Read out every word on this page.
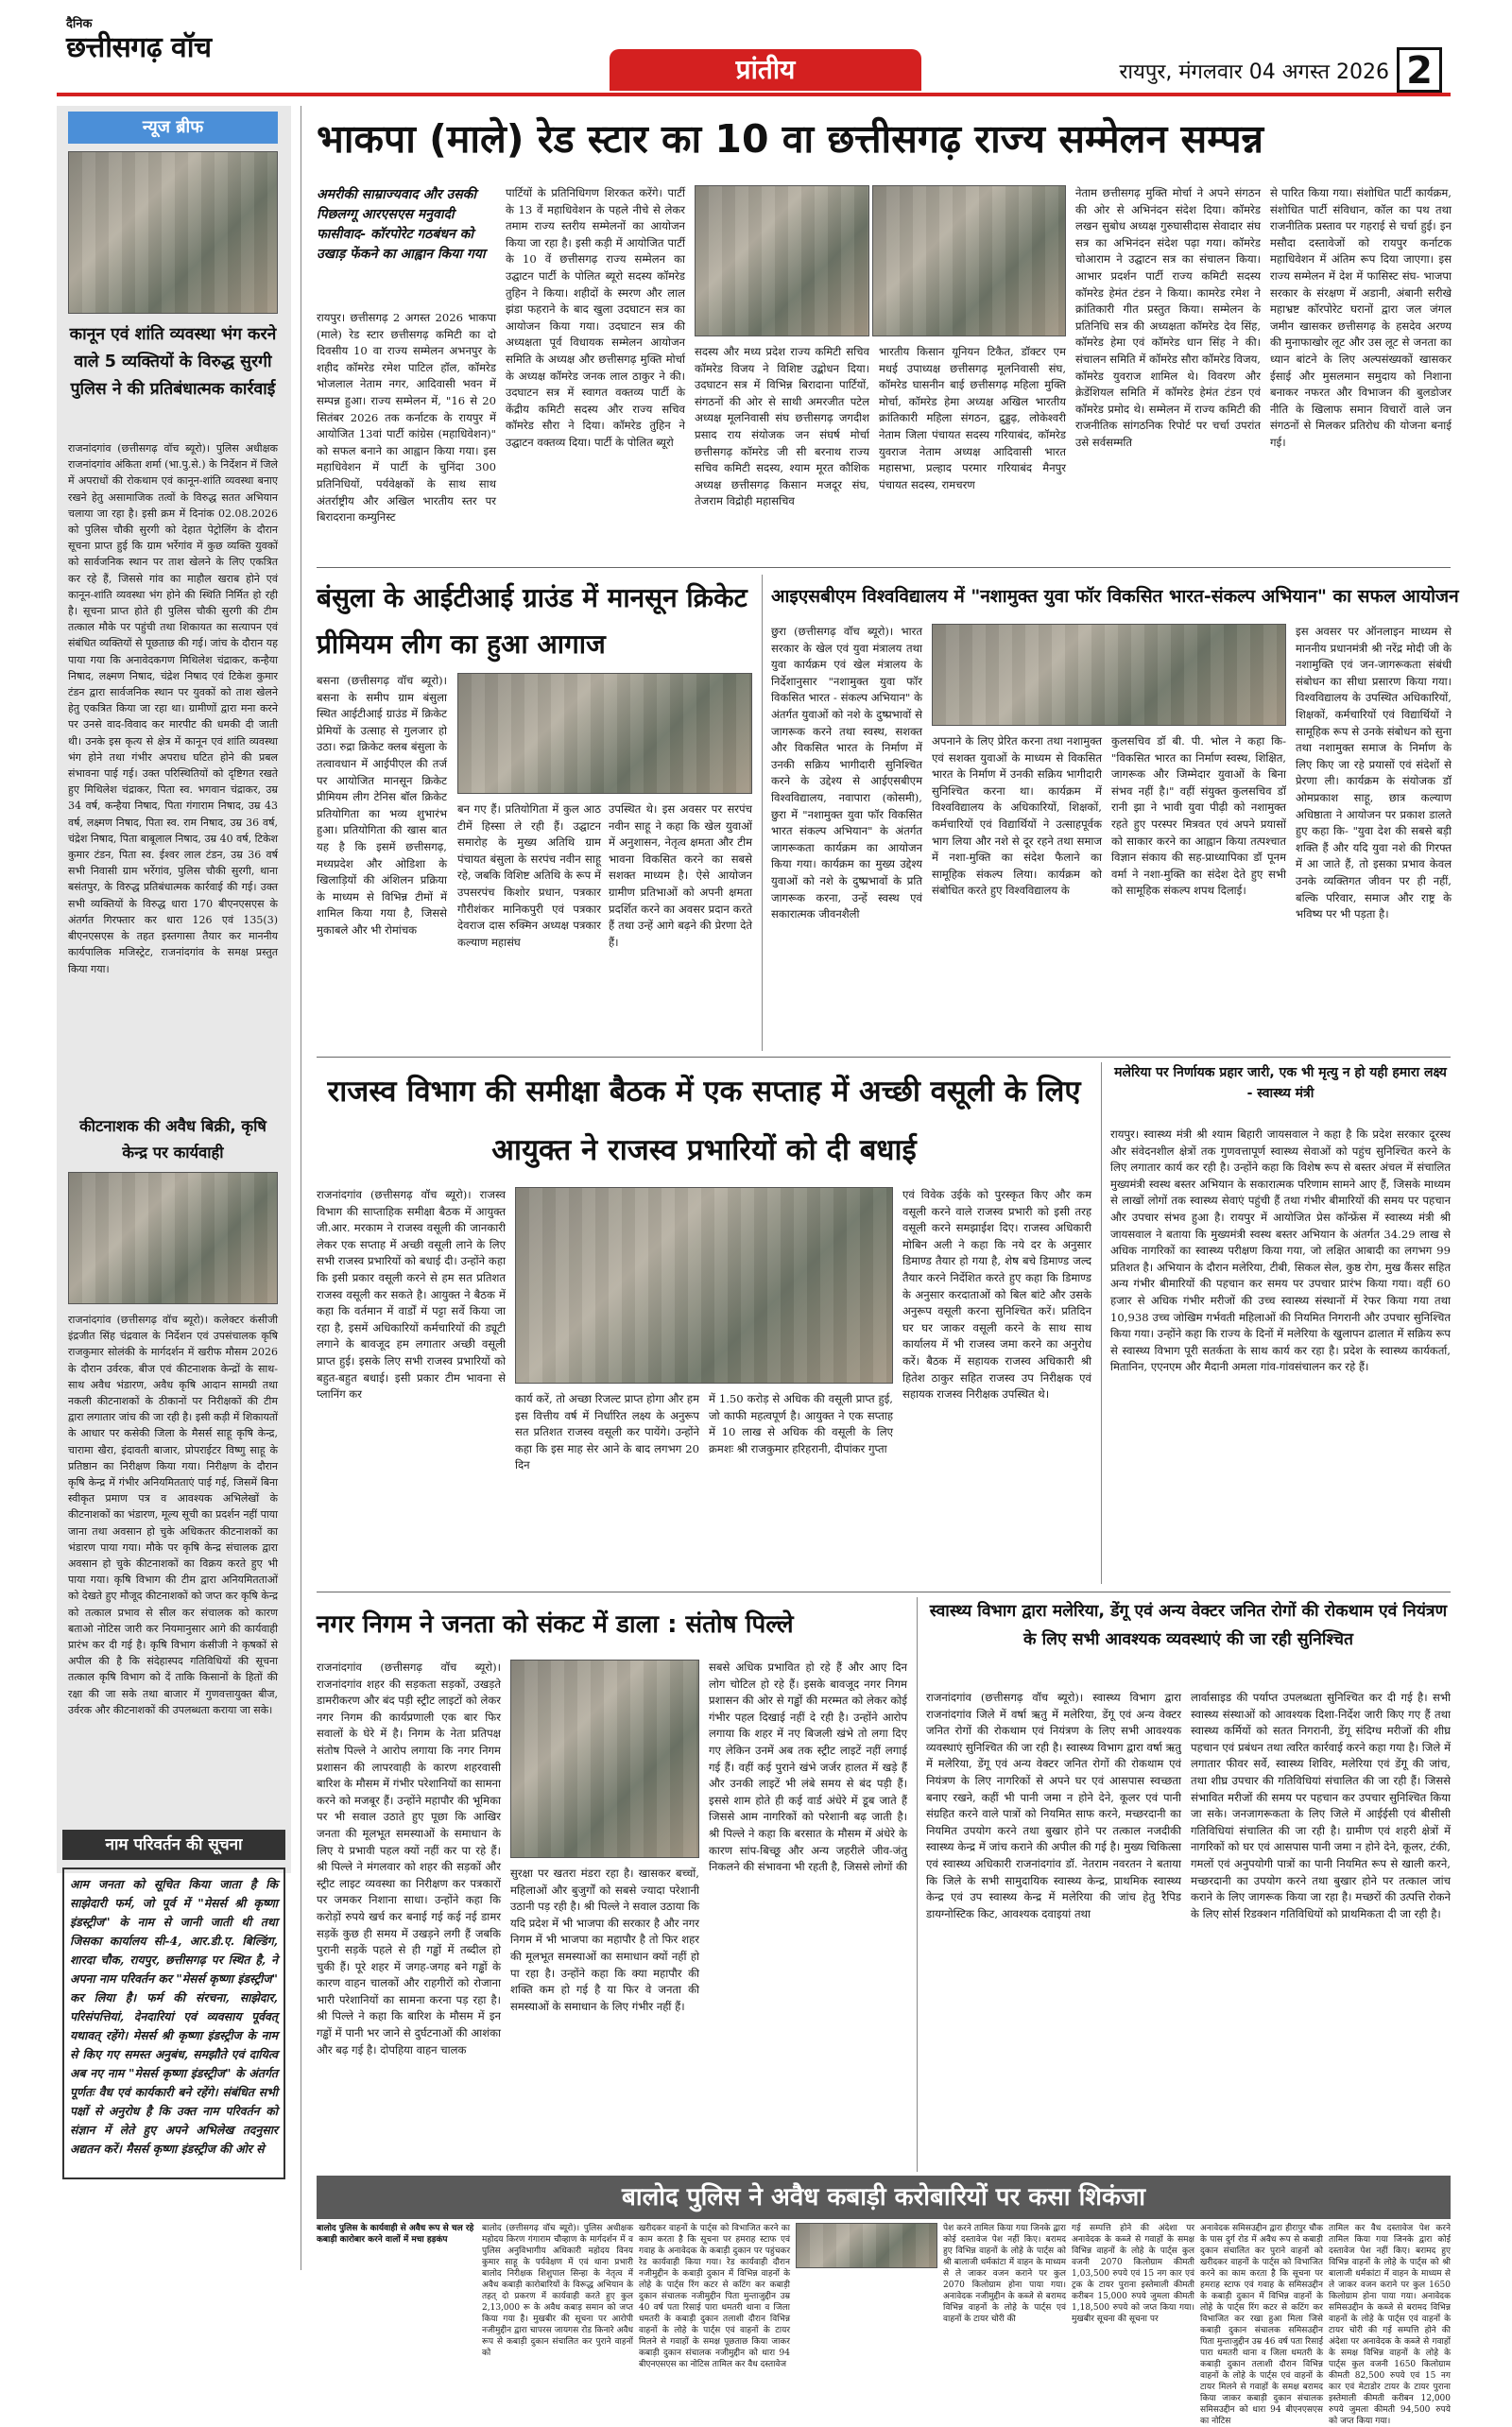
दैनिक
छत्तीसगढ़ वॉच
प्रांतीय	रायपुर, मंगलवार 04 अगस्त 2026 2
न्यूज ब्रीफ
कानून एवं शांति व्यवस्था भंग करने वाले 5 व्यक्तियों के विरुद्ध सुरगी पुलिस ने की प्रतिबंधात्मक कार्रवाई
राजनांदगांव (छत्तीसगढ़ वॉच ब्यूरो)। पुलिस अधीक्षक राजनांदगांव अंकिता शर्मा (भा.पु.से.) के निर्देशन में जिले में अपराधों की रोकथाम एवं कानून-शांति व्यवस्था बनाए रखने हेतु असामाजिक तत्वों के विरुद्ध सतत अभियान चलाया जा रहा है। इसी क्रम में दिनांक 02.08.2026 को पुलिस चौकी सुरगी को देहात पेट्रोलिंग के दौरान सूचना प्राप्त हुई कि ग्राम भर्रेगांव में कुछ व्यक्ति युवकों को सार्वजनिक स्थान पर ताश खेलने के लिए एकत्रित कर रहे हैं, जिससे गांव का माहौल खराब होने एवं कानून-शांति व्यवस्था भंग होने की स्थिति निर्मित हो रही है। सूचना प्राप्त होते ही पुलिस चौकी सुरगी की टीम तत्काल मौके पर पहुंची तथा शिकायत का सत्यापन एवं संबंधित व्यक्तियों से पूछताछ की गई। जांच के दौरान यह पाया गया कि अनावेदकगण मिथिलेश चंद्राकर, कन्हैया निषाद, लक्ष्मण निषाद, चंद्रेश निषाद एवं टिकेश कुमार टंडन द्वारा सार्वजनिक स्थान पर युवकों को ताश खेलने हेतु एकत्रित किया जा रहा था। ग्रामीणों द्वारा मना करने पर उनसे वाद-विवाद कर मारपीट की धमकी दी जाती थी। उनके इस कृत्य से क्षेत्र में कानून एवं शांति व्यवस्था भंग होने तथा गंभीर अपराध घटित होने की प्रबल संभावना पाई गई। उक्त परिस्थितियों को दृष्टिगत रखते हुए मिथिलेश चंद्राकर, पिता स्व. भगवान चंद्राकर, उम्र 34 वर्ष, कन्हैया निषाद, पिता गंगाराम निषाद, उम्र 43 वर्ष, लक्ष्मण निषाद, पिता स्व. राम निषाद, उम्र 36 वर्ष, चंद्रेश निषाद, पिता बाबूलाल निषाद, उम्र 40 वर्ष, टिकेश कुमार टंडन, पिता स्व. ईश्वर लाल टंडन, उम्र 36 वर्ष सभी निवासी ग्राम भर्रेगांव, पुलिस चौकी सुरगी, थाना बसंतपुर, के विरुद्ध प्रतिबंधात्मक कार्रवाई की गई। उक्त सभी व्यक्तियों के विरुद्ध धारा 170 बीएनएसएस के अंतर्गत गिरफ्तार कर धारा 126 एवं 135(3) बीएनएसएस के तहत इस्तगासा तैयार कर माननीय कार्यपालिक मजिस्ट्रेट, राजनांदगांव के समक्ष प्रस्तुत किया गया।
कीटनाशक की अवैध बिक्री, कृषि केन्द्र पर कार्यवाही
राजनांदगांव (छत्तीसगढ़ वॉच ब्यूरो)। कलेक्टर कंसीजी इंद्रजीत सिंह चंद्रवाल के निर्देशन एवं उपसंचालक कृषि राजकुमार सोलंकी के मार्गदर्शन में खरीफ मौसम 2026 के दौरान उर्वरक, बीज एवं कीटनाशक केन्द्रों के साथ-साथ अवैध भंडारण, अवैध कृषि आदान सामग्री तथा नकली कीटनाशकों के ठीकानों पर निरीक्षकों की टीम द्वारा लगातार जांच की जा रही है। इसी कड़ी में शिकायतों के आधार पर कसेकी जिला के मैसर्स साहू कृषि केन्द्र, चारामा खैरा, इंदावती बाजार, प्रोपराईटर विष्णु साहू के प्रतिष्ठान का निरीक्षण किया गया। निरीक्षण के दौरान कृषि केन्द्र में गंभीर अनियमितताएं पाई गई, जिसमें बिना स्वीकृत प्रमाण पत्र व आवश्यक अभिलेखों के कीटनाशकों का भंडारण, मूल्य सूची का प्रदर्शन नहीं पाया जाना तथा अवसान हो चुके अधिकतर कीटनाशकों का भंडारण पाया गया। मौके पर कृषि केन्द्र संचालक द्वारा अवसान हो चुके कीटनाशकों का विक्रय करते हुए भी पाया गया। कृषि विभाग की टीम द्वारा अनियमितताओं को देखते हुए मौजूद कीटनाशकों को जप्त कर कृषि केन्द्र को तत्काल प्रभाव से सील कर संचालक को कारण बताओ नोटिस जारी कर नियमानुसार आगे की कार्यवाही प्रारंभ कर दी गई है। कृषि विभाग कंसीजी ने कृषकों से अपील की है कि संदेहास्पद गतिविधियों की सूचना तत्काल कृषि विभाग को दें ताकि किसानों के हितों की रक्षा की जा सके तथा बाजार में गुणवत्तायुक्त बीज, उर्वरक और कीटनाशकों की उपलब्धता कराया जा सके।
नाम परिवर्तन की सूचना
आम जनता को सूचित किया जाता है कि साझेदारी फर्म, जो पूर्व में "मेसर्स श्री कृष्णा इंडस्ट्रीज" के नाम से जानी जाती थी तथा जिसका कार्यालय सी-4, आर.डी.ए. बिल्डिंग, शारदा चौक, रायपुर, छत्तीसगढ़ पर स्थित है, ने अपना नाम परिवर्तन कर "मेसर्स कृष्णा इंडस्ट्रीज" कर लिया है। फर्म की संरचना, साझेदार, परिसंपत्तियां, देनदारियां एवं व्यवसाय पूर्ववत् यथावत् रहेंगे। मेसर्स श्री कृष्णा इंडस्ट्रीज के नाम से किए गए समस्त अनुबंध, समझौते एवं दायित्व अब नए नाम "मेसर्स कृष्णा इंडस्ट्रीज" के अंतर्गत पूर्णतः वैध एवं कार्यकारी बने रहेंगे। संबंधित सभी पक्षों से अनुरोध है कि उक्त नाम परिवर्तन को संज्ञान में लेते हुए अपने अभिलेख तदनुसार अद्यतन करें। मैसर्स कृष्णा इंडस्ट्रीज की ओर से
भाकपा (माले) रेड स्टार का 10 वा छत्तीसगढ़ राज्य सम्मेलन सम्पन्न
अमरीकी साम्राज्यवाद और उसकी पिछलग्गू आरएसएस मनुवादी फासीवाद- कॉरपोरेट गठबंधन को उखाड़ फेंकने का आह्वान किया गया
रायपुर। छत्तीसगढ़ 2 अगस्त 2026 भाकपा (माले) रेड स्टार छत्तीसगढ़ कमिटी का दो दिवसीय 10 वा राज्य सम्मेलन अभनपुर के शहीद कॉमरेड रमेश पाटिल हॉल, कॉमरेड भोजलाल नेताम नगर, आदिवासी भवन में सम्पन्न हुआ। राज्य सम्मेलन में, "16 से 20 सितंबर 2026 तक कर्नाटक के रायपुर में आयोजित 13वां पार्टी कांग्रेस (महाधिवेशन)" को सफल बनाने का आह्वान किया गया। इस महाधिवेशन में पार्टी के चुनिंदा 300 प्रतिनिधियों, पर्यवेक्षकों के साथ साथ अंतर्राष्ट्रीय और अखिल भारतीय स्तर पर बिरादराना कम्युनिस्ट
पार्टियों के प्रतिनिधिगण शिरकत करेंगे। पार्टी के 13 वें महाधिवेशन के पहले नीचे से लेकर तमाम राज्य स्तरीय सम्मेलनों का आयोजन किया जा रहा है। इसी कड़ी में आयोजित पार्टी के 10 वें छत्तीसगढ़ राज्य सम्मेलन का उद्घाटन पार्टी के पोलित ब्यूरो सदस्य कॉमरेड तुहिन ने किया। शहीदों के स्मरण और लाल झंडा फहराने के बाद खुला उदघाटन सत्र का आयोजन किया गया। उदघाटन सत्र की अध्यक्षता पूर्व विधायक सम्मेलन आयोजन समिति के अध्यक्ष और छत्तीसगढ़ मुक्ति मोर्चा के अध्यक्ष कॉमरेड जनक लाल ठाकुर ने की। उदघाटन सत्र में स्वागत वक्तव्य पार्टी के केंद्रीय कमिटी सदस्य और राज्य सचिव कॉमरेड सौरा ने दिया। कॉमरेड तुहिन ने उद्घाटन वक्तव्य दिया। पार्टी के पोलित ब्यूरो
सदस्य और मध्य प्रदेश राज्य कमिटी सचिव कॉमरेड विजय ने विशिष्ट उद्बोधन दिया। उदघाटन सत्र में विभिन्न बिरादाना पार्टियों, संगठनों की ओर से साथी अमरजीत पटेल अध्यक्ष मूलनिवासी संघ छत्तीसगढ़ जगदीश प्रसाद राय संयोजक जन संघर्ष मोर्चा छत्तीसगढ़ कॉमरेड जी सी बरनाथ राज्य सचिव कमिटी सदस्य, श्याम मूरत कौशिक अध्यक्ष छत्तीसगढ़ किसान मजदूर संघ, तेजराम विद्रोही महासचिव
भारतीय किसान यूनियन टिकैत, डॉक्टर एम मधई उपाध्यक्ष छत्तीसगढ़ मूलनिवासी संघ, कॉमरेड घासनीन बाई छत्तीसगढ़ महिला मुक्ति मोर्चा, कॉमरेड हेमा अध्यक्ष अखिल भारतीय क्रांतिकारी महिला संगठन, द्रुड्डढ़, लोकेश्वरी नेताम जिला पंचायत सदस्य गरियाबंद, कॉमरेड युवराज नेताम अध्यक्ष आदिवासी भारत महासभा, प्रल्हाद परमार गरियाबंद मैनपुर पंचायत सदस्य, रामचरण
नेताम छत्तीसगढ़ मुक्ति मोर्चा ने अपने संगठन की ओर से अभिनंदन संदेश दिया। कॉमरेड लखन सुबोध अध्यक्ष गुरुघासीदास सेवादार संघ सत्र का अभिनंदन संदेश पढ़ा गया। कॉमरेड चोआराम ने उद्घाटन सत्र का संचालन किया। आभार प्रदर्शन पार्टी राज्य कमिटी सदस्य कॉमरेड हेमंत टंडन ने किया। कामरेड रमेश ने क्रांतिकारी गीत प्रस्तुत किया। सम्मेलन के प्रतिनिधि सत्र की अध्यक्षता कॉमरेड देव सिंह, कॉमरेड हेमा एवं कॉमरेड धान सिंह ने की। संचालन समिति में कॉमरेड सौरा कॉमरेड विजय, कॉमरेड युवराज शामिल थे। विवरण और क्रेडेंशियल समिति में कॉमरेड हेमंत टंडन एवं कॉमरेड प्रमोद थे। सम्मेलन में राज्य कमिटी की राजनीतिक सांगठनिक रिपोर्ट पर चर्चा उपरांत उसे सर्वसम्मति
से पारित किया गया। संशोधित पार्टी कार्यक्रम, संशोधित पार्टी संविधान, कॉल का पथ तथा राजनीतिक प्रस्ताव पर गहराई से चर्चा हुई। इन मसौदा दस्तावेजों को रायपुर कर्नाटक महाधिवेशन में अंतिम रूप दिया जाएगा। इस राज्य सम्मेलन में देश में फासिस्ट संघ- भाजपा सरकार के संरक्षण में अडानी, अंबानी सरीखे महाभ्रष्ट कॉरपोरेट घरानों द्वारा जल जंगल जमीन खासकर छत्तीसगढ़ के हसदेव अरण्य की मुनाफाखोर लूट और उस लूट से जनता का ध्यान बांटने के लिए अल्पसंख्यकों खासकर ईसाई और मुसलमान समुदाय को निशाना बनाकर नफरत और विभाजन की बुलडोजर नीति के खिलाफ समान विचारों वाले जन संगठनों से मिलकर प्रतिरोध की योजना बनाई गई।
बंसुला के आईटीआई ग्राउंड में मानसून क्रिकेट प्रीमियम लीग का हुआ आगाज
बसना (छत्तीसगढ़ वॉच ब्यूरो)। बसना के समीप ग्राम बंसुला स्थित आईटीआई ग्राउंड में क्रिकेट प्रेमियों के उत्साह से गुलजार हो उठा। रुद्रा क्रिकेट क्लब बंसुला के तत्वावधान में आईपीएल की तर्ज पर आयोजित मानसून क्रिकेट प्रीमियम लीग टेनिस बॉल क्रिकेट प्रतियोगिता का भव्य शुभारंभ हुआ। प्रतियोगिता की खास बात यह है कि इसमें छत्तीसगढ़, मध्यप्रदेश और ओडिशा के खिलाड़ियों की अंशिलन प्रक्रिया के माध्यम से विभिन्न टीमों में शामिल किया गया है, जिससे मुकाबले और भी रोमांचक
बन गए हैं। प्रतियोगिता में कुल आठ टीमें हिस्सा ले रही हैं। उद्घाटन समारोह के मुख्य अतिथि ग्राम पंचायत बंसुला के सरपंच नवीन साहू रहे, जबकि विशिष्ट अतिथि के रूप में उपसरपंच किशोर प्रधान, पत्रकार गौरीशंकर मानिकपुरी एवं पत्रकार देवराज दास रुक्मिन अध्यक्ष पत्रकार कल्याण महासंघ
उपस्थित थे। इस अवसर पर सरपंच नवीन साहू ने कहा कि खेल युवाओं में अनुशासन, नेतृत्व क्षमता और टीम भावना विकसित करने का सबसे सशक्त माध्यम है। ऐसे आयोजन ग्रामीण प्रतिभाओं को अपनी क्षमता प्रदर्शित करने का अवसर प्रदान करते हैं तथा उन्हें आगे बढ़ने की प्रेरणा देते हैं।
आइएसबीएम विश्वविद्यालय में "नशामुक्त युवा फॉर विकसित भारत-संकल्प अभियान" का सफल आयोजन
छुरा (छत्तीसगढ़ वॉच ब्यूरो)। भारत सरकार के खेल एवं युवा मंत्रालय तथा युवा कार्यक्रम एवं खेल मंत्रालय के निर्देशानुसार "नशामुक्त युवा फॉर विकसित भारत - संकल्प अभियान" के अंतर्गत युवाओं को नशे के दुष्प्रभावों से जागरूक करने तथा स्वस्थ, सशक्त और विकसित भारत के निर्माण में उनकी सक्रिय भागीदारी सुनिश्चित करने के उद्देश्य से आईएसबीएम विश्वविद्यालय, नवापारा (कोसमी), छुरा में "नशामुक्त युवा फॉर विकसित भारत संकल्प अभियान" के अंतर्गत जागरूकता कार्यक्रम का आयोजन किया गया। कार्यक्रम का मुख्य उद्देश्य युवाओं को नशे के दुष्प्रभावों के प्रति जागरूक करना, उन्हें स्वस्थ एवं सकारात्मक जीवनशैली
अपनाने के लिए प्रेरित करना तथा नशामुक्त एवं सशक्त युवाओं के माध्यम से विकसित भारत के निर्माण में उनकी सक्रिय भागीदारी सुनिश्चित करना था। कार्यक्रम में विश्वविद्यालय के अधिकारियों, शिक्षकों, कर्मचारियों एवं विद्यार्थियों ने उत्साहपूर्वक भाग लिया और नशे से दूर रहने तथा समाज में नशा-मुक्ति का संदेश फैलाने का सामूहिक संकल्प लिया। कार्यक्रम को संबोधित करते हुए विश्वविद्यालय के
कुलसचिव डॉ बी. पी. भोल ने कहा कि- "विकसित भारत का निर्माण स्वस्थ, शिक्षित, जागरूक और जिम्मेदार युवाओं के बिना संभव नहीं है।" वहीं संयुक्त कुलसचिव डॉ रानी झा ने भावी युवा पीढ़ी को नशामुक्त रहते हुए परस्पर मित्रवत एवं अपने प्रयासों को साकार करने का आह्वान किया तत्पश्चात विज्ञान संकाय की सह-प्राध्यापिका डॉ पूनम वर्मा ने नशा-मुक्ति का संदेश देते हुए सभी को सामूहिक संकल्प शपथ दिलाई।
इस अवसर पर ऑनलाइन माध्यम से माननीय प्रधानमंत्री श्री नरेंद्र मोदी जी के नशामुक्ति एवं जन-जागरूकता संबंधी संबोधन का सीधा प्रसारण किया गया। विश्वविद्यालय के उपस्थित अधिकारियों, शिक्षकों, कर्मचारियों एवं विद्यार्थियों ने सामूहिक रूप से उनके संबोधन को सुना तथा नशामुक्त समाज के निर्माण के लिए किए जा रहे प्रयासों एवं संदेशों से प्रेरणा ली। कार्यक्रम के संयोजक डॉ ओमप्रकाश साहू, छात्र कल्याण अधिष्ठाता ने आयोजन पर प्रकाश डालते हुए कहा कि- "युवा देश की सबसे बड़ी शक्ति हैं और यदि युवा नशे की गिरफ्त में आ जाते हैं, तो इसका प्रभाव केवल उनके व्यक्तिगत जीवन पर ही नहीं, बल्कि परिवार, समाज और राष्ट्र के भविष्य पर भी पड़ता है।
राजस्व विभाग की समीक्षा बैठक में एक सप्ताह में अच्छी वसूली के लिए आयुक्त ने राजस्व प्रभारियों को दी बधाई
राजनांदगांव (छत्तीसगढ़ वॉच ब्यूरो)। राजस्व विभाग की साप्ताहिक समीक्षा बैठक में आयुक्त जी.आर. मरकाम ने राजस्व वसूली की जानकारी लेकर एक सप्ताह में अच्छी वसूली लाने के लिए सभी राजस्व प्रभारियों को बधाई दी। उन्होंने कहा कि इसी प्रकार वसूली करने से हम सत प्रतिशत राजस्व वसूली कर सकते है। आयुक्त ने बैठक में कहा कि वर्तमान में वार्डों में पट्टा सर्वे किया जा रहा है, इसमें अधिकारियों कर्मचारियों की ड्यूटी लगाने के बावजूद हम लगातार अच्छी वसूली प्राप्त हुई। इसके लिए सभी राजस्व प्रभारियों को बहुत-बहुत बधाई। इसी प्रकार टीम भावना से प्लानिंग कर	कार्य करें, तो अच्छा रिजल्ट प्राप्त होगा और हम इस वित्तीय वर्ष में निर्धारित लक्ष्य के अनुरूप सत प्रतिशत राजस्व वसूली कर पायेंगे। उन्होंने कहा कि इस माह सेर आने के बाद लगभग 20 दिन
में 1.50 करोड़ से अधिक की वसूली प्राप्त हुई, जो काफी महत्वपूर्ण है। आयुक्त ने एक सप्ताह में 10 लाख से अधिक की वसूली के लिए क्रमशः श्री राजकुमार हरिहरानी, दीपांकर गुप्ता
एवं विवेक उईके को पुरस्कृत किए और कम वसूली करने वाले राजस्व प्रभारी को इसी तरह वसूली करने समझाईश दिए। राजस्व अधिकारी मोबिन अली ने कहा कि नये दर के अनुसार डिमाण्ड तैयार हो गया है, शेष बचे डिमाण्ड जल्द तैयार करने निर्देशित करते हुए कहा कि डिमाण्ड के अनुसार करदाताओं को बिल बांटे और उसके अनुरूप वसूली करना सुनिश्चित करें। प्रतिदिन घर घर जाकर वसूली करने के साथ साथ कार्यालय में भी राजस्व जमा करने का अनुरोध करें। बैठक में सहायक राजस्व अधिकारी श्री हितेश ठाकुर सहित राजस्व उप निरीक्षक एवं सहायक राजस्व निरीक्षक उपस्थित थे।
मलेरिया पर निर्णायक प्रहार जारी, एक भी मृत्यु न हो यही हमारा लक्ष्य - स्वास्थ्य मंत्री
रायपुर। स्वास्थ्य मंत्री श्री श्याम बिहारी जायसवाल ने कहा है कि प्रदेश सरकार दूरस्थ और संवेदनशील क्षेत्रों तक गुणवत्तापूर्ण स्वास्थ्य सेवाओं को पहुंच सुनिश्चित करने के लिए लगातार कार्य कर रही है। उन्होंने कहा कि विशेष रूप से बस्तर अंचल में संचालित मुख्यमंत्री स्वस्थ बस्तर अभियान के सकारात्मक परिणाम सामने आए हैं, जिसके माध्यम से लाखों लोगों तक स्वास्थ्य सेवाएं पहुंची हैं तथा गंभीर बीमारियों की समय पर पहचान और उपचार संभव हुआ है। रायपुर में आयोजित प्रेस कॉन्फ्रेंस में स्वास्थ्य मंत्री श्री जायसवाल ने बताया कि मुख्यमंत्री स्वस्थ बस्तर अभियान के अंतर्गत 34.29 लाख से अधिक नागरिकों का स्वास्थ्य परीक्षण किया गया, जो लक्षित आबादी का लगभग 99 प्रतिशत है। अभियान के दौरान मलेरिया, टीबी, सिकल सेल, कुष्ठ रोग, मुख कैंसर सहित अन्य गंभीर बीमारियों की पहचान कर समय पर उपचार प्रारंभ किया गया। वहीं 60 हजार से अधिक गंभीर मरीजों की उच्च स्वास्थ्य संस्थानों में रेफर किया गया तथा 10,938 उच्च जोखिम गर्भवती महिलाओं की नियमित निगरानी और उपचार सुनिश्चित किया गया। उन्होंने कहा कि राज्य के दिनों में मलेरिया के खुलापन ढालात में सक्रिय रूप से स्वास्थ्य विभाग पूरी सतर्कता के साथ कार्य कर रहा है। प्रदेश के स्वास्थ्य कार्यकर्ता, मितानिन, एएनएम और मैदानी अमला गांव-गांवसंचालन कर रहे हैं।
नगर निगम ने जनता को संकट में डाला : संतोष पिल्ले
राजनांदगांव (छत्तीसगढ़ वॉच ब्यूरो)। राजनांदगांव शहर की सड़कता सड़कों, उखड़ते डामरीकरण और बंद पड़ी स्ट्रीट लाइटों को लेकर नगर निगम की कार्यप्रणाली एक बार फिर सवालों के घेरे में है। निगम के नेता प्रतिपक्ष संतोष पिल्ले ने आरोप लगाया कि नगर निगम प्रशासन की लापरवाही के कारण शहरवासी बारिश के मौसम में गंभीर परेशानियों का सामना करने को मजबूर हैं। उन्होंने महापौर की भूमिका पर भी सवाल उठाते हुए पूछा कि आखिर जनता की मूलभूत समस्याओं के समाधान के लिए ये प्रभावी पहल क्यों नहीं कर पा रहे हैं। श्री पिल्ले ने मंगलवार को शहर की सड़कों और स्ट्रीट लाइट व्यवस्था का निरीक्षण कर पत्रकारों पर जमकर निशाना साधा। उन्होंने कहा कि करोड़ों रुपये खर्च कर बनाई गई कई नई डामर सड़कें कुछ ही समय में उखड़ने लगी हैं जबकि पुरानी सड़कें पहले से ही गड्ढों में तब्दील हो चुकी हैं। पूरे शहर में जगह-जगह बने गड्ढों के कारण वाहन चालकों और राहगीरों को रोजाना भारी परेशानियों का सामना करना पड़ रहा है। श्री पिल्ले ने कहा कि बारिश के मौसम में इन गड्ढों में पानी भर जाने से दुर्घटनाओं की आशंका और बढ़ गई है। दोपहिया वाहन चालक
सुरक्षा पर खतरा मंडरा रहा है। खासकर बच्चों, महिलाओं और बुजुर्गों को सबसे ज्यादा परेशानी उठानी पड़ रही है। श्री पिल्ले ने सवाल उठाया कि यदि प्रदेश में भी भाजपा की सरकार है और नगर निगम में भी भाजपा का महापौर है तो फिर शहर की मूलभूत समस्याओं का समाधान क्यों नहीं हो पा रहा है। उन्होंने कहा कि क्या महापौर की शक्ति कम हो गई है या फिर वे जनता की समस्याओं के समाधान के लिए गंभीर नहीं हैं।
सबसे अधिक प्रभावित हो रहे हैं और आए दिन लोग चोटिल हो रहे हैं। इसके बावजूद नगर निगम प्रशासन की ओर से गड्ढों की मरम्मत को लेकर कोई गंभीर पहल दिखाई नहीं दे रही है। उन्होंने आरोप लगाया कि शहर में नए बिजली खंभे तो लगा दिए गए लेकिन उनमें अब तक स्ट्रीट लाइटें नहीं लगाई गई हैं। वहीं कई पुराने खंभे जर्जर हालत में खड़े हैं और उनकी लाइटें भी लंबे समय से बंद पड़ी हैं। इससे शाम होते ही कई वार्ड अंधेरे में डूब जाते हैं जिससे आम नागरिकों को परेशानी बढ़ जाती है। श्री पिल्ले ने कहा कि बरसात के मौसम में अंधेरे के कारण सांप-बिच्छू और अन्य जहरीले जीव-जंतु निकलने की संभावना भी रहती है, जिससे लोगों की
स्वास्थ्य विभाग द्वारा मलेरिया, डेंगू एवं अन्य वेक्टर जनित रोगों की रोकथाम एवं नियंत्रण के लिए सभी आवश्यक व्यवस्थाएं की जा रही सुनिश्चित
राजनांदगांव (छत्तीसगढ़ वॉच ब्यूरो)। स्वास्थ्य विभाग द्वारा राजनांदगांव जिले में वर्षा ऋतु में मलेरिया, डेंगू एवं अन्य वेक्टर जनित रोगों की रोकथाम एवं नियंत्रण के लिए सभी आवश्यक व्यवस्थाएं सुनिश्चित की जा रही है। स्वास्थ्य विभाग द्वारा वर्षा ऋतु में मलेरिया, डेंगू एवं अन्य वेक्टर जनित रोगों की रोकथाम एवं नियंत्रण के लिए नागरिकों से अपने घर एवं आसपास स्वच्छता बनाए रखने, कहीं भी पानी जमा न होने देने, कूलर एवं पानी संग्रहित करने वाले पात्रों को नियमित साफ करने, मच्छरदानी का नियमित उपयोग करने तथा बुखार होने पर तत्काल नजदीकी स्वास्थ्य केन्द्र में जांच कराने की अपील की गई है। मुख्य चिकित्सा एवं स्वास्थ्य अधिकारी राजनांदगांव डॉ. नेतराम नवरतन ने बताया कि जिले के सभी सामुदायिक स्वास्थ्य केन्द्र, प्राथमिक स्वास्थ्य केन्द्र एवं उप स्वास्थ्य केन्द्र में मलेरिया की जांच हेतु रैपिड डायग्नोस्टिक किट, आवश्यक दवाइयां तथा
लार्वासाइड की पर्याप्त उपलब्धता सुनिश्चित कर दी गई है। सभी स्वास्थ्य संस्थाओं को आवश्यक दिशा-निर्देश जारी किए गए हैं तथा स्वास्थ्य कर्मियों को सतत निगरानी, डेंगू संदिग्ध मरीजों की शीघ्र पहचान एवं प्रबंधन तथा त्वरित कार्रवाई करने कहा गया है। जिले में लगातार फीवर सर्वे, स्वास्थ्य शिविर, मलेरिया एवं डेंगू की जांच, तथा शीघ्र उपचार की गतिविधियां संचालित की जा रही हैं। जिससे संभावित मरीजों की समय पर पहचान कर उपचार सुनिश्चित किया जा सके। जनजागरूकता के लिए जिले में आईईसी एवं बीसीसी गतिविधियां संचालित की जा रही है। ग्रामीण एवं शहरी क्षेत्रों में नागरिकों को घर एवं आसपास पानी जमा न होने देने, कूलर, टंकी, गमलों एवं अनुपयोगी पात्रों का पानी नियमित रूप से खाली करने, मच्छरदानी का उपयोग करने तथा बुखार होने पर तत्काल जांच कराने के लिए जागरूक किया जा रहा है। मच्छरों की उत्पत्ति रोकने के लिए सोर्स रिडक्शन गतिविधियों को प्राथमिकता दी जा रही है।
बालोद पुलिस ने अवैध कबाड़ी करोबारियों पर कसा शिकंजा
बालोद पुलिस के कार्यवाही से अवैध रूप से चल रहे कबाड़ी कारोबार करने वालों में मचा हड़कंप
बालोद (छत्तीसगढ़ वॉच ब्यूरो)। पुलिस अधीक्षक महोदय किरण गंगाराम चौव्हाण के मार्गदर्शन में व पुलिस अनुविभागीय अधिकारी महोदय विनय कुमार साहू के पर्यवेक्षण में एवं थाना प्रभारी बालोद निरीक्षक शिशुपाल सिन्हा के नेतृत्व में अवैध कबाड़ी कारोबारियों के विरूद्ध अभियान के तहत् दो प्रकरण में कार्यवाही करते हुए कुल 2,13,000 रू के अवैध कबाड़ समान को जप्त किया गया है। मुखबीर की सूचना पर आरोपी नजीमुद्दीन द्वारा चापरस जायगस रोड किनारे अवैध रूप से कबाड़ी दुकान संचालित कर पुराने वाहनों को
खरीदकर वाहनों के पार्ट्स को विभाजित करने का काम करता है कि सूचना पर हमराह स्टाफ एवं गवाह के अनावेदक के कबाड़ी दुकान पर पहुंचकर रेड कार्यवाही किया गया। रेड कार्यवाही दौरान नजीमुद्दीन के कबाड़ी दुकान में विभिन्न वाहनों के लोहे के पार्ट्स रिंग कटर से कटिंग कर कबाड़ी दुकान संचालक नजीमुद्दीन पिता मुन्ताजुद्दीन उम्र 40 वर्ष पता रिसाई पारा धमतरी थाना व जिला धमतरी के कबाड़ी दुकान तलाशी दौरान विभिन्न वाहनों के लोहे के पार्ट्स एवं वाहनों के टायर मिलने से गवाहों के समक्ष पूछताछ किया जाकर कबाड़ी दुकान संचालक नजीमुद्दीन को धारा 94 बीएनएसएस का नोटिस तामिल कर वैध दस्तावेज
पेश करने तामिल किया गया जिनके द्वारा कोई दस्तावेज पेश नहीं किए। बरामद हुए विभिन्न वाहनों के लोहे के पार्ट्स को श्री बालाजी धर्मकांटा में वाहन के माध्यम से ले जाकर वजन कराने पर कुल 2070 किलोग्राम होना पाया गया। अनावेदक नजीमुद्दीन के कब्जे से बरामद विभिन्न वाहनों के लोहे के पार्ट्स एवं वाहनों के टायर चोरी की
गई सम्पत्ति होने की अंदेशा पर अनावेदक के कब्जे से गवाहों के समक्ष विभिन्न वाहनों के लोहे के पार्ट्स कुल वजनी 2070 किलोग्राम कीमती 1,03,500 रुपये एवं 15 नग कार एवं ट्रक के टायर पुराना इस्तेमाली कीमती करीबन 15,000 रुपये जुमला कीमती 1,18,500 रुपये को जप्त किया गया। मुखबीर सूचना की सूचना पर
अनावेदक समिसउद्दीन द्वारा हीरापुर चौक के पास दुर्ग रोड में अवैध रूप से कबाड़ी दुकान संचालित कर पुराने वाहनों को खरीदकर वाहनों के पार्ट्स को विभाजित करने का काम करता है कि सूचना पर हमराह स्टाफ एवं गवाह के समिसउद्दीन के कबाड़ी दुकान में विभिन्न वाहनों के लोहे के पार्ट्स रिंग कटर से कटिंग कर विभाजित कर रखा हुआ मिला जिसे कबाड़ी दुकान संचालक समिसउद्दीन पिता मुन्ताजुद्दीन उम्र 46 वर्ष पता रिसाई पारा धमतरी थाना व जिला धमतरी के कबाड़ी दुकान तलाशी दौरान विभिन्न वाहनों के लोहे के पार्ट्स एवं वाहनों के टायर मिलने से गवाहों के समक्ष बरामद किया जाकर कबाड़ी दुकान संचालक समिसउद्दीन को धारा 94 बीएनएसएस का नोटिस
तामिल कर वैध दस्तावेज पेश करने तामिल किया गया जिनके द्वारा कोई दस्तावेज पेश नहीं किए। बरामद हुए विभिन्न वाहनों के लोहे के पार्ट्स को श्री बालाजी धर्मकांटा में वाहन के माध्यम से ले जाकर वजन कराने पर कुल 1650 किलोग्राम होना पाया गया। अनावेदक समिसउद्दीन के कब्जे से बरामद विभिन्न वाहनों के लोहे के पार्ट्स एवं वाहनों के टायर चोरी की गई सम्पत्ति होने की अंदेशा पर अनावेदक के कब्जे से गवाहों के समक्ष विभिन्न वाहनों के लोहे के पार्ट्स कुल वजनी 1650 किलोग्राम कीमती 82,500 रुपये एवं 15 नग कार एवं मेटाडोर टायर के टायर पुराना इस्तेमाली कीमती करीबन 12,000 रुपये जुमला कीमती 94,500 रुपये को जप्त किया गया।
